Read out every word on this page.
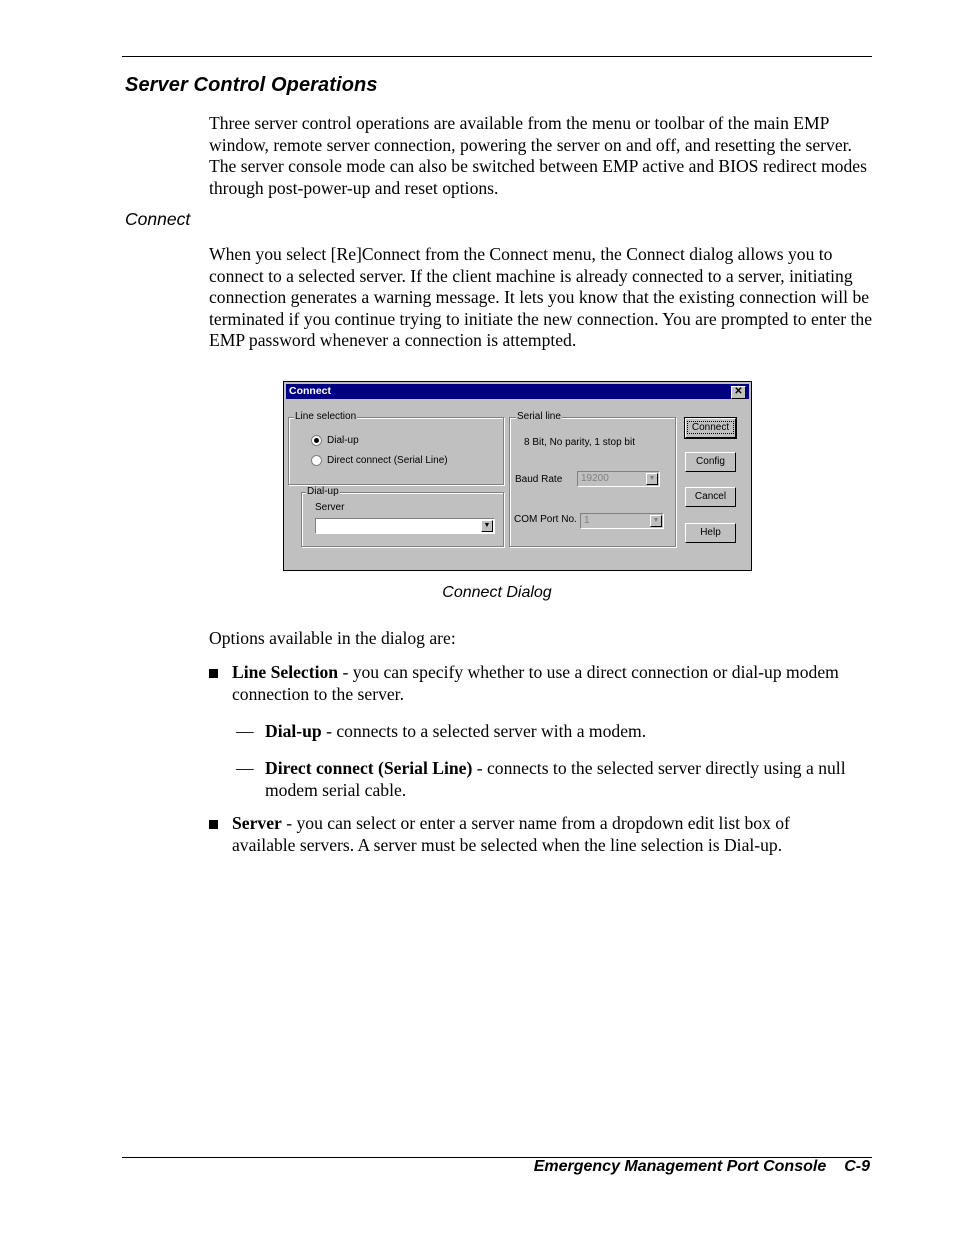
Server Control Operations
Three server control operations are available from the menu or toolbar of the main EMP window, remote server connection, powering the server on and off, and resetting the server. The server console mode can also be switched between EMP active and BIOS redirect modes through post-power-up and reset options.
Connect
When you select [Re]Connect from the Connect menu, the Connect dialog allows you to connect to a selected server. If the client machine is already connected to a server, initiating connection generates a warning message. It lets you know that the existing connection will be terminated if you continue trying to initiate the new connection. You are prompted to enter the EMP password whenever a connection is attempted.
Connect	✕
Line selection
Dial-up
Direct connect (Serial Line)
Dial-up
Server
▼
Serial line
8 Bit, No parity, 1 stop bit
Baud Rate	19200	▼
COM Port No. 1	▼
Connect
Config
Cancel
Help
Connect Dialog
Options available in the dialog are:
Line Selection - you can specify whether to use a direct connection or dial-up modem connection to the server.
— Dial-up - connects to a selected server with a modem.
— Direct connect (Serial Line) - connects to the selected server directly using a null modem serial cable.
Server - you can select or enter a server name from a dropdown edit list box of available servers. A server must be selected when the line selection is Dial-up.
Emergency Management Port Console C-9
